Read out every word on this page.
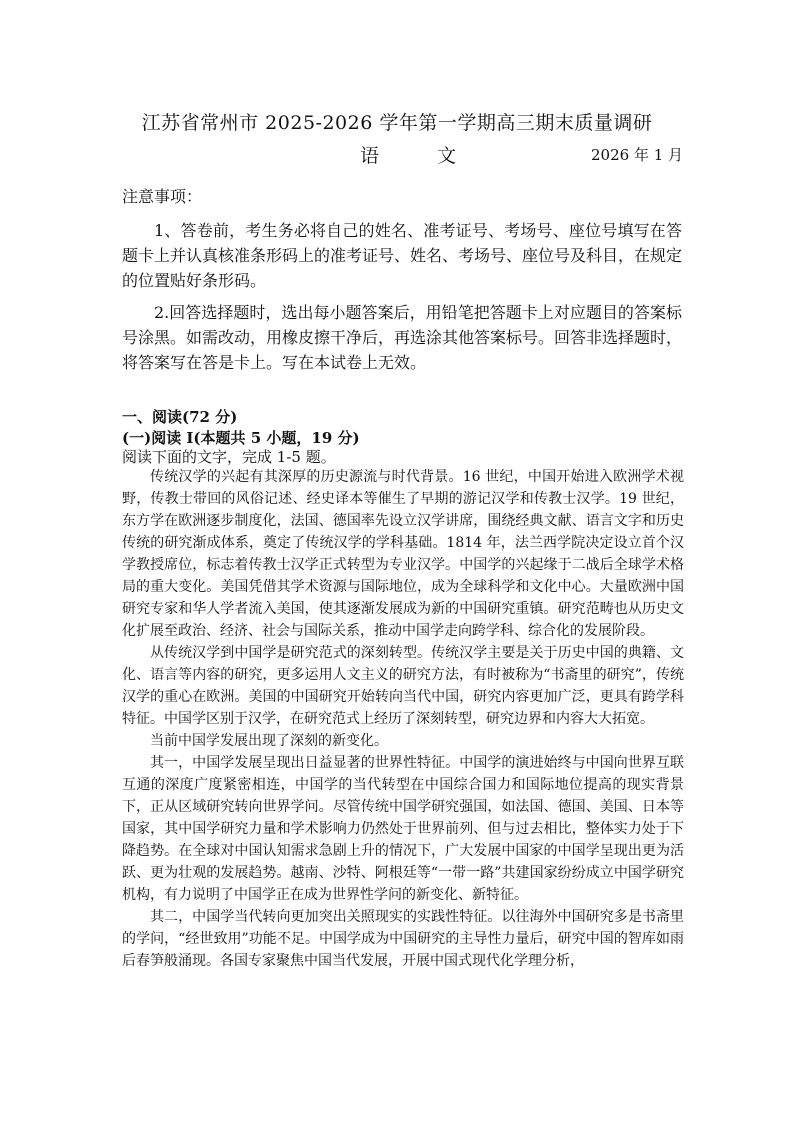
江苏省常州市 2025-2026 学年第一学期高三期末质量调研
语 文	2026 年 1 月
注意事项：

1、答卷前，考生务必将自己的姓名、准考证号、考场号、座位号填写在答题卡上并认真核准条形码上的准考证号、姓名、考场号、座位号及科目，在规定的位置贴好条形码。

2.回答选择题时，选出每小题答案后，用铅笔把答题卡上对应题目的答案标号涂黑。如需改动，用橡皮擦干净后，再选涂其他答案标号。回答非选择题时，将答案写在答是卡上。写在本试卷上无效。

一、阅读(72 分)
(一)阅读 I(本题共 5 小题，19 分)

阅读下面的文字，完成 1-5 题。

传统汉学的兴起有其深厚的历史源流与时代背景。16 世纪，中国开始进入欧洲学术视野，传教士带回的风俗记述、经史译本等催生了早期的游记汉学和传教士汉学。19 世纪，东方学在欧洲逐步制度化，法国、德国率先设立汉学讲席，围绕经典文献、语言文字和历史传统的研究渐成体系，奠定了传统汉学的学科基础。1814 年，法兰西学院决定设立首个汉学教授席位，标志着传教士汉学正式转型为专业汉学。中国学的兴起缘于二战后全球学术格局的重大变化。美国凭借其学术资源与国际地位，成为全球科学和文化中心。大量欧洲中国研究专家和华人学者流入美国，使其逐渐发展成为新的中国研究重镇。研究范畴也从历史文化扩展至政治、经济、社会与国际关系，推动中国学走向跨学科、综合化的发展阶段。

从传统汉学到中国学是研究范式的深刻转型。传统汉学主要是关于历史中国的典籍、文化、语言等内容的研究，更多运用人文主义的研究方法，有时被称为“书斋里的研究”，传统汉学的重心在欧洲。美国的中国研究开始转向当代中国，研究内容更加广泛，更具有跨学科特征。中国学区别于汉学，在研究范式上经历了深刻转型，研究边界和内容大大拓宽。

当前中国学发展出现了深刻的新变化。

其一，中国学发展呈现出日益显著的世界性特征。中国学的演进始终与中国向世界互联互通的深度广度紧密相连，中国学的当代转型在中国综合国力和国际地位提高的现实背景下，正从区域研究转向世界学问。尽管传统中国学研究强国，如法国、德国、美国、日本等国家，其中国学研究力量和学术影响力仍然处于世界前列、但与过去相比，整体实力处于下降趋势。在全球对中国认知需求急剧上升的情况下，广大发展中国家的中国学呈现出更为活跃、更为壮观的发展趋势。越南、沙特、阿根廷等“一带一路”共建国家纷纷成立中国学研究机构，有力说明了中国学正在成为世界性学问的新变化、新特征。

其二，中国学当代转向更加突出关照现实的实践性特征。以往海外中国研究多是书斋里的学问，“经世致用”功能不足。中国学成为中国研究的主导性力量后，研究中国的智库如雨后春笋般涌现。各国专家聚焦中国当代发展，开展中国式现代化学理分析，
